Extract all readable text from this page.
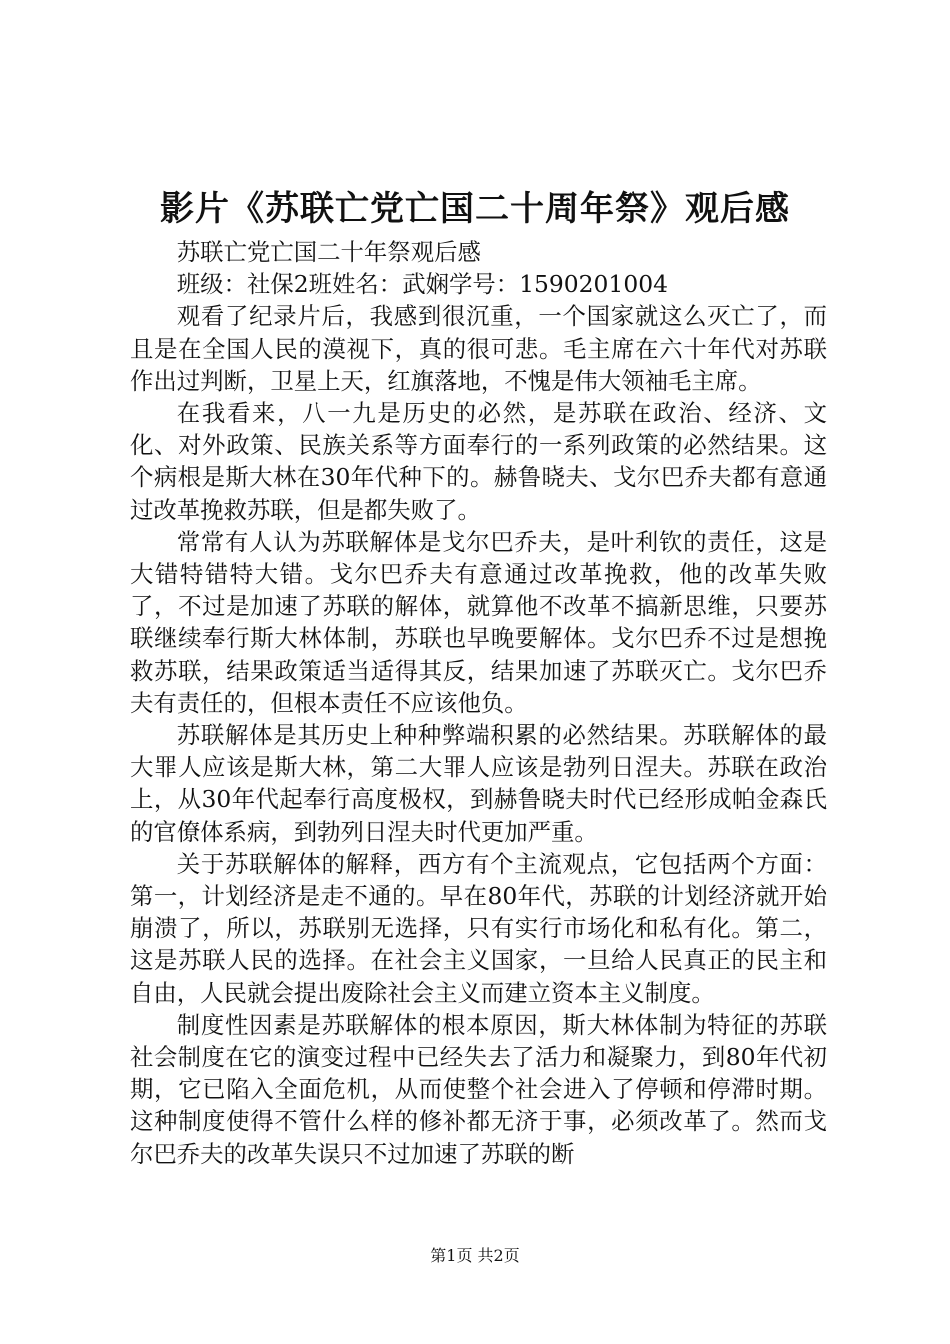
影片《苏联亡党亡国二十周年祭》观后感

苏联亡党亡国二十年祭观后感

班级：社保2班姓名：武娴学号：1590201004

观看了纪录片后，我感到很沉重，一个国家就这么灭亡了，而且是在全国人民的漠视下，真的很可悲。毛主席在六十年代对苏联作出过判断，卫星上天，红旗落地，不愧是伟大领袖毛主席。

在我看来，八一九是历史的必然，是苏联在政治、经济、文化、对外政策、民族关系等方面奉行的一系列政策的必然结果。这个病根是斯大林在30年代种下的。赫鲁晓夫、戈尔巴乔夫都有意通过改革挽救苏联，但是都失败了。

常常有人认为苏联解体是戈尔巴乔夫，是叶利钦的责任，这是大错特错特大错。戈尔巴乔夫有意通过改革挽救，他的改革失败了，不过是加速了苏联的解体，就算他不改革不搞新思维，只要苏联继续奉行斯大林体制，苏联也早晚要解体。戈尔巴乔不过是想挽救苏联，结果政策适当适得其反，结果加速了苏联灭亡。戈尔巴乔夫有责任的，但根本责任不应该他负。

苏联解体是其历史上种种弊端积累的必然结果。苏联解体的最大罪人应该是斯大林，第二大罪人应该是勃列日涅夫。苏联在政治上，从30年代起奉行高度极权，到赫鲁晓夫时代已经形成帕金森氏的官僚体系病，到勃列日涅夫时代更加严重。

关于苏联解体的解释，西方有个主流观点，它包括两个方面：第一，计划经济是走不通的。早在80年代，苏联的计划经济就开始崩溃了，所以，苏联别无选择，只有实行市场化和私有化。第二，这是苏联人民的选择。在社会主义国家，一旦给人民真正的民主和自由，人民就会提出废除社会主义而建立资本主义制度。

制度性因素是苏联解体的根本原因，斯大林体制为特征的苏联社会制度在它的演变过程中已经失去了活力和凝聚力，到80年代初期，它已陷入全面危机，从而使整个社会进入了停顿和停滞时期。这种制度使得不管什么样的修补都无济于事，必须改革了。然而戈尔巴乔夫的改革失误只不过加速了苏联的断

第1页 共2页
